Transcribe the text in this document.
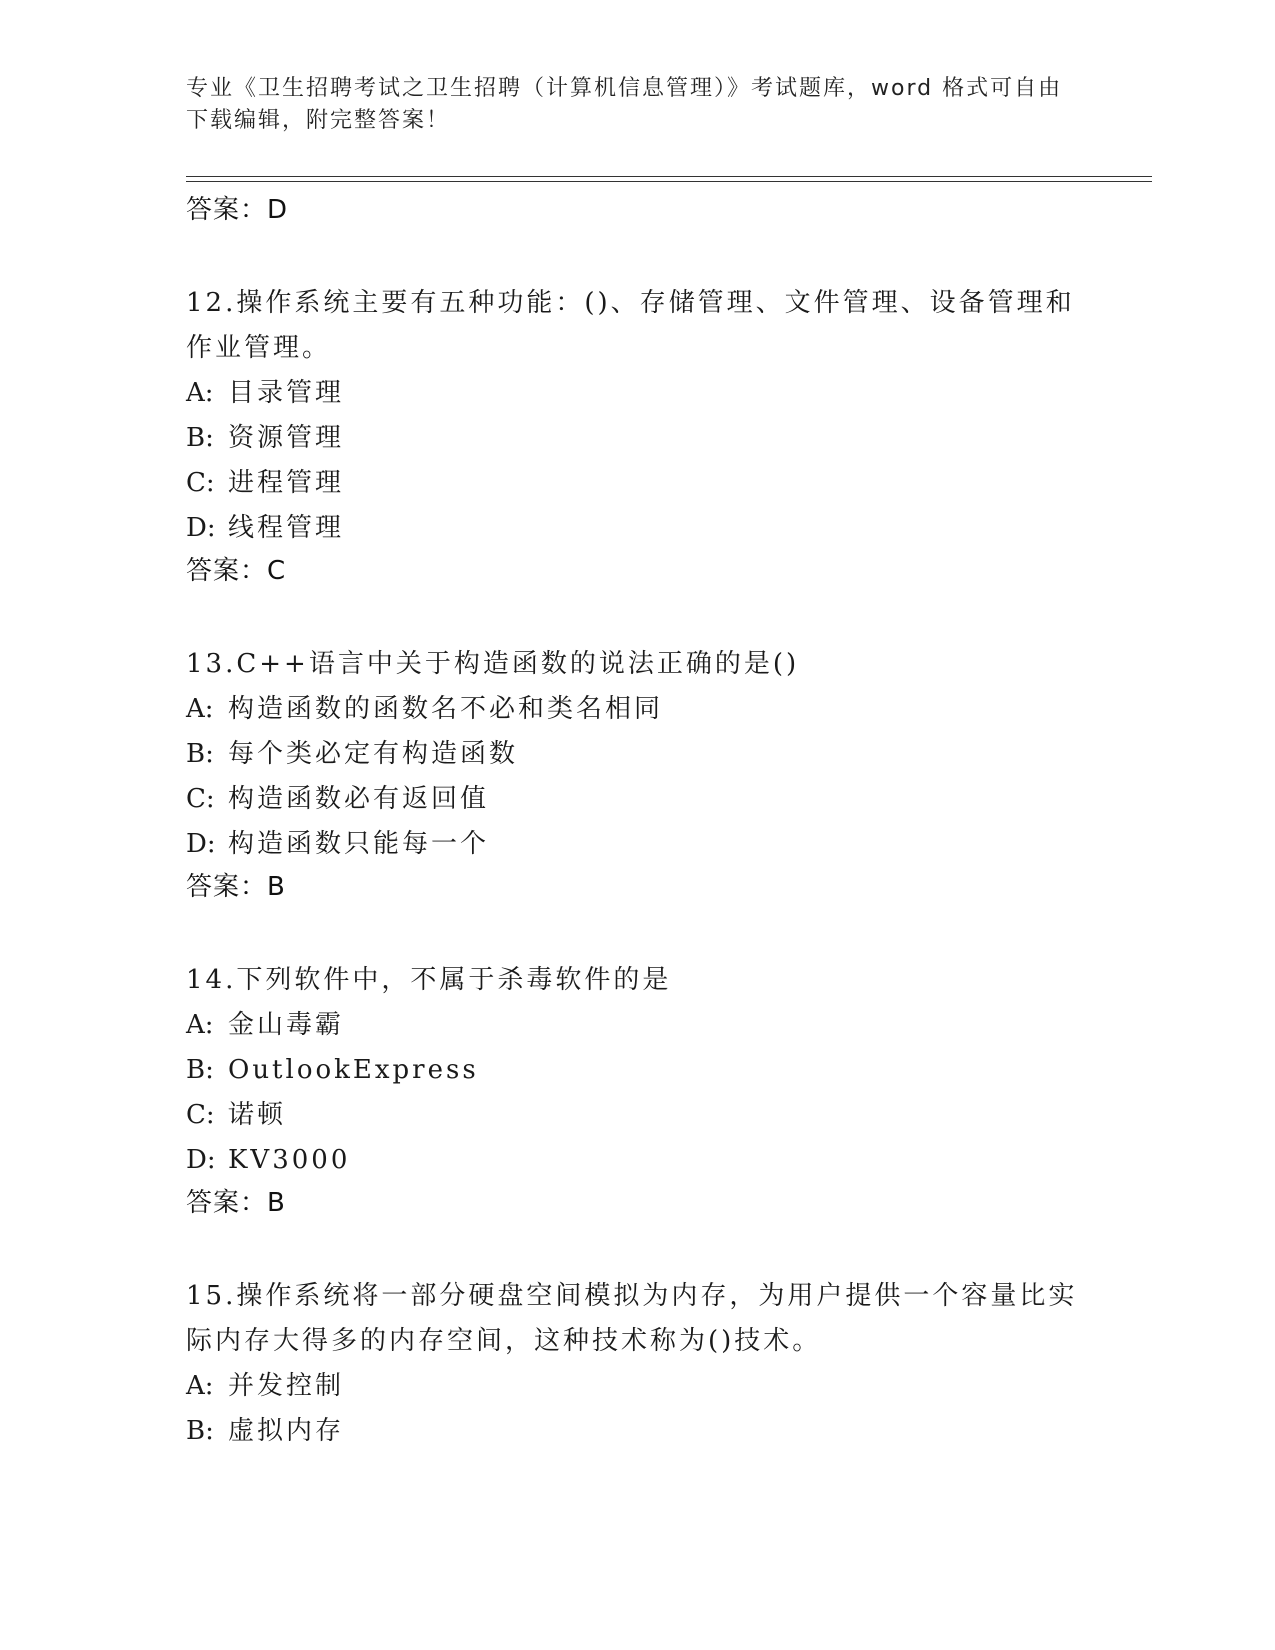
专业《卫生招聘考试之卫生招聘（计算机信息管理）》考试题库，word 格式可自由下载编辑，附完整答案！

答案：D

12.操作系统主要有五种功能：()、存储管理、文件管理、设备管理和作业管理。

A: 目录管理

B: 资源管理

C: 进程管理

D: 线程管理

答案：C

13.C++语言中关于构造函数的说法正确的是()

A: 构造函数的函数名不必和类名相同

B: 每个类必定有构造函数

C: 构造函数必有返回值

D: 构造函数只能每一个

答案：B

14.下列软件中，不属于杀毒软件的是

A: 金山毒霸

B: OutlookExpress

C: 诺顿

D: KV3000

答案：B

15.操作系统将一部分硬盘空间模拟为内存，为用户提供一个容量比实际内存大得多的内存空间，这种技术称为()技术。

A: 并发控制

B: 虚拟内存
